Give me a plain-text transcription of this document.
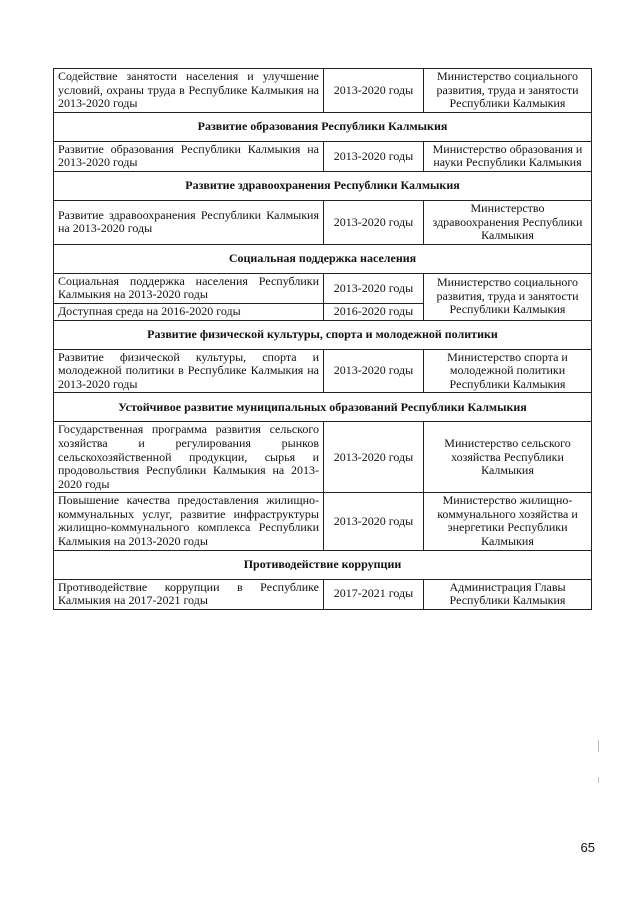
Содействие занятости населения и улучшение условий, охраны труда в Республике Калмыкия на 2013-2020 годы	2013-2020 годы	Министерство социального развития, труда и занятости Республики Калмыкия
Развитие образования Республики Калмыкия		
Развитие образования Республики Калмыкия на 2013-2020 годы	2013-2020 годы	Министерство образования и науки Республики Калмыкия
Развитие здравоохранения Республики Калмыкия		
Развитие здравоохранения Республики Калмыкия на 2013-2020 годы	2013-2020 годы	Министерство здравоохранения Республики Калмыкия
Социальная поддержка населения		
Социальная поддержка населения Республики Калмыкия на 2013-2020 годы	2013-2020 годы	Министерство социального развития, труда и занятости Республики Калмыкия
Доступная среда на 2016-2020 годы	2016-2020 годы	
Развитие физической культуры, спорта и молодежной политики		
Развитие физической культуры, спорта и молодежной политики в Республике Калмыкия на 2013-2020 годы	2013-2020 годы	Министерство спорта и молодежной политики Республики Калмыкия
Устойчивое развитие муниципальных образований Республики Калмыкия		
Государственная программа развития сельского хозяйства и регулирования рынков сельскохозяйственной продукции, сырья и продовольствия Республики Калмыкия на 2013-2020 годы	2013-2020 годы	Министерство сельского хозяйства Республики Калмыкия
Повышение качества предоставления жилищно-коммунальных услуг, развитие инфраструктуры жилищно-коммунального комплекса Республики Калмыкия на 2013-2020 годы	2013-2020 годы	Министерство жилищно-коммунального хозяйства и энергетики Республики Калмыкия
Противодействие коррупции		
Противодействие коррупции в Республике Калмыкия на 2017-2021 годы	2017-2021 годы	Администрация Главы Республики Калмыкия
65
